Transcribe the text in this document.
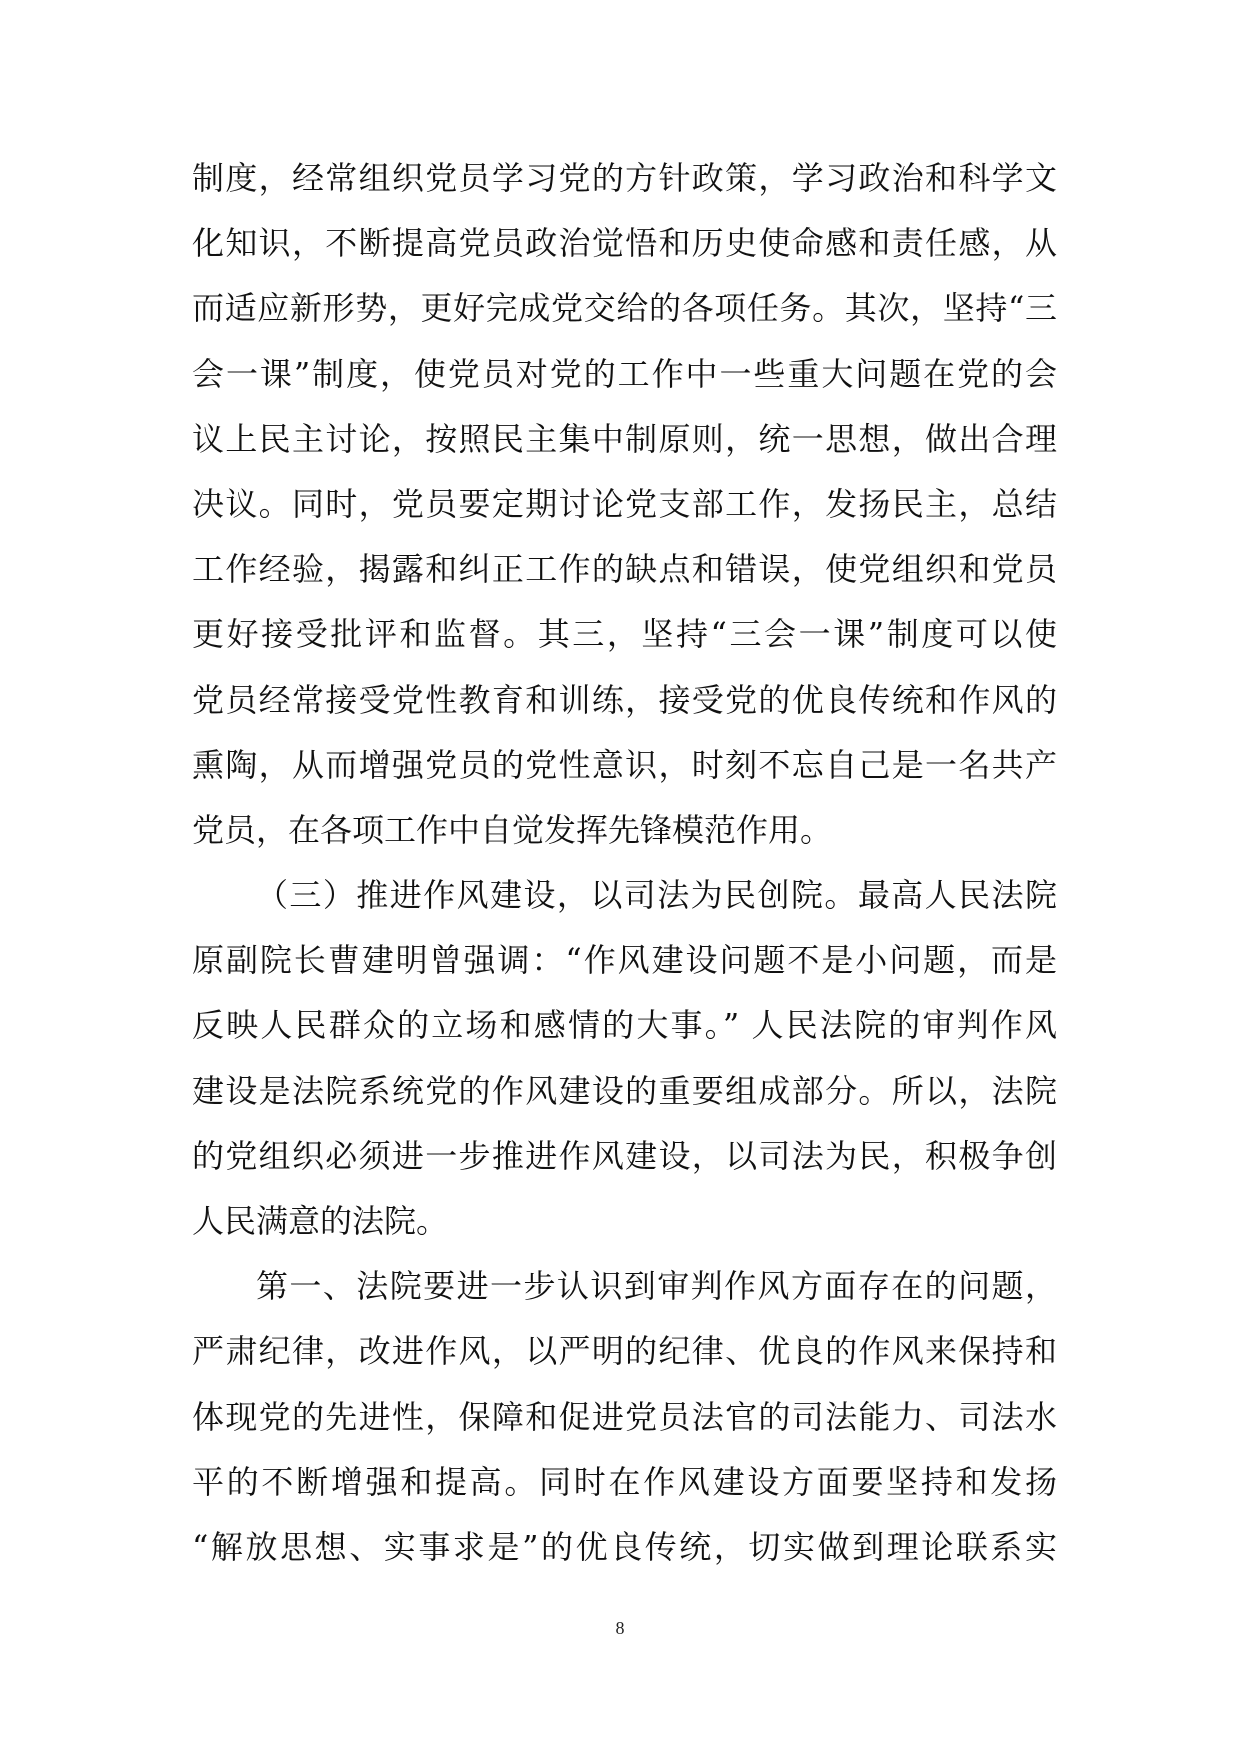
制度，经常组织党员学习党的方针政策，学习政治和科学文
化知识，不断提高党员政治觉悟和历史使命感和责任感，从
而适应新形势，更好完成党交给的各项任务。其次，坚持“三
会一课”制度，使党员对党的工作中一些重大问题在党的会
议上民主讨论，按照民主集中制原则，统一思想，做出合理
决议。同时，党员要定期讨论党支部工作，发扬民主，总结
工作经验，揭露和纠正工作的缺点和错误，使党组织和党员
更好接受批评和监督。其三，坚持“三会一课”制度可以使
党员经常接受党性教育和训练，接受党的优良传统和作风的
熏陶，从而增强党员的党性意识，时刻不忘自己是一名共产
党员，在各项工作中自觉发挥先锋模范作用。
（三）推进作风建设，以司法为民创院。最高人民法院
原副院长曹建明曾强调：“作风建设问题不是小问题，而是
反映人民群众的立场和感情的大事。” 人民法院的审判作风
建设是法院系统党的作风建设的重要组成部分。所以，法院
的党组织必须进一步推进作风建设，以司法为民，积极争创
人民满意的法院。
第一、法院要进一步认识到审判作风方面存在的问题，
严肃纪律，改进作风，以严明的纪律、优良的作风来保持和
体现党的先进性，保障和促进党员法官的司法能力、司法水
平的不断增强和提高。同时在作风建设方面要坚持和发扬
“解放思想、实事求是”的优良传统，切实做到理论联系实
8
